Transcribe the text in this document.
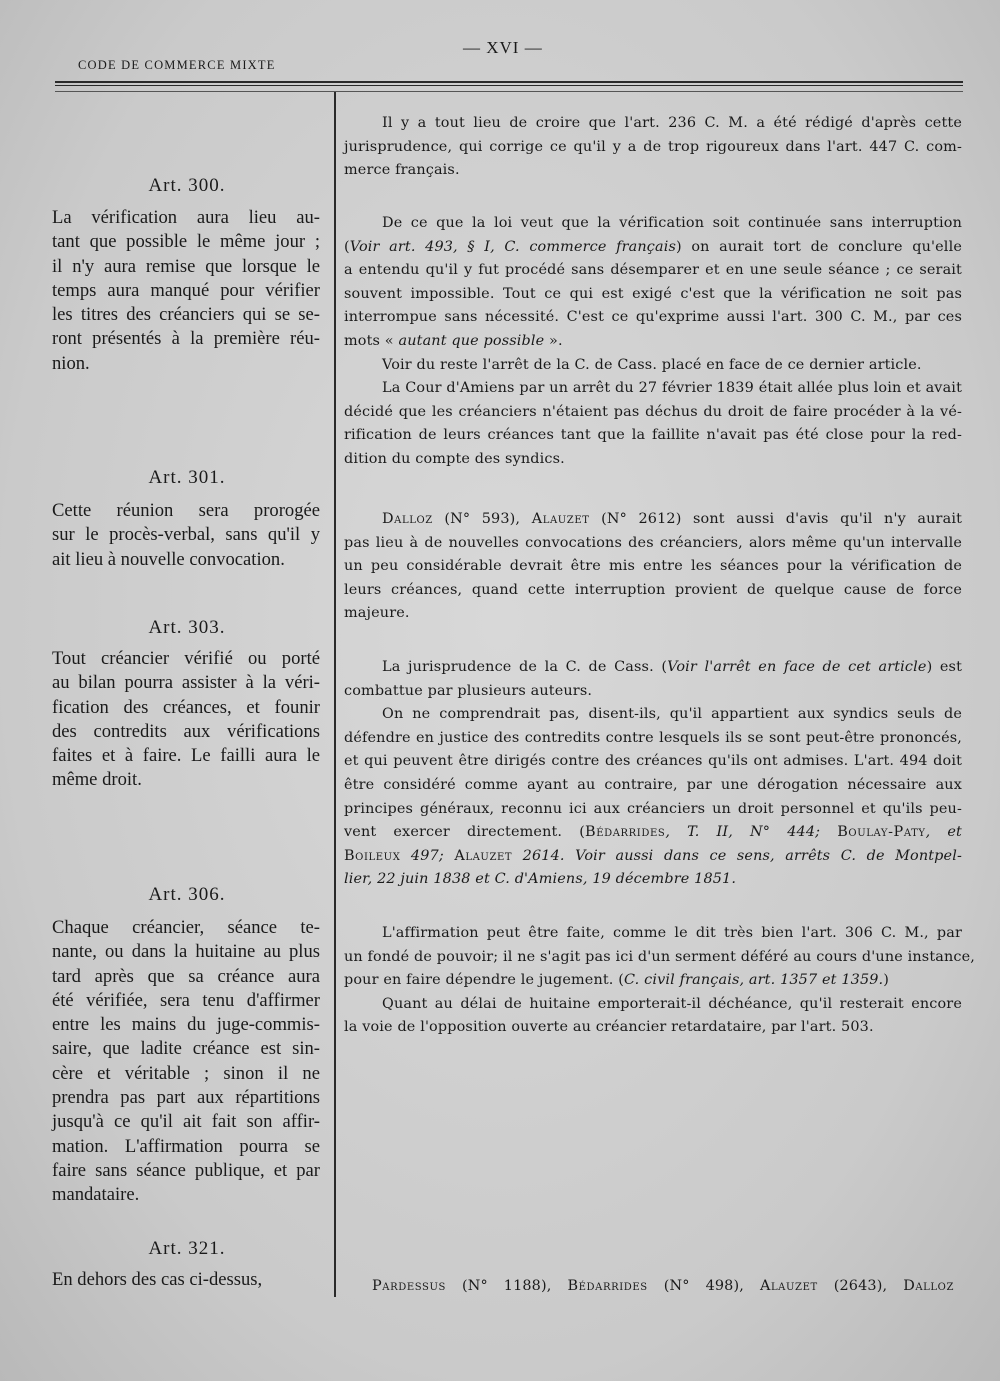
CODE DE COMMERCE MIXTE
— XVI —
Art. 300.
La vérification aura lieu au-
tant que possible le même jour ;
il n'y aura remise que lorsque le
temps aura manqué pour vérifier
les titres des créanciers qui se se-
ront présentés à la première réu-
nion.
Art. 301.
Cette réunion sera prorogée
sur le procès-verbal, sans qu'il y
ait lieu à nouvelle convocation.
Art. 303.
Tout créancier vérifié ou porté
au bilan pourra assister à la véri-
fication des créances, et founir
des contredits aux vérifications
faites et à faire. Le failli aura le
même droit.
Art. 306.
Chaque créancier, séance te-
nante, ou dans la huitaine au plus
tard après que sa créance aura
été vérifiée, sera tenu d'affirmer
entre les mains du juge-commis-
saire, que ladite créance est sin-
cère et véritable ; sinon il ne
prendra pas part aux répartitions
jusqu'à ce qu'il ait fait son affir-
mation. L'affirmation pourra se
faire sans séance publique, et par
mandataire.
Art. 321.
En dehors des cas ci-dessus,
Il y a tout lieu de croire que l'art. 236 C. M. a été rédigé d'après cette
jurisprudence, qui corrige ce qu'il y a de trop rigoureux dans l'art. 447 C. com-
merce français.
De ce que la loi veut que la vérification soit continuée sans interruption
(Voir art. 493, § I, C. commerce français) on aurait tort de conclure qu'elle
a entendu qu'il y fut procédé sans désemparer et en une seule séance ; ce serait
souvent impossible. Tout ce qui est exigé c'est que la vérification ne soit pas
interrompue sans nécessité. C'est ce qu'exprime aussi l'art. 300 C. M., par ces
mots « autant que possible ».
Voir du reste l'arrêt de la C. de Cass. placé en face de ce dernier article.
La Cour d'Amiens par un arrêt du 27 février 1839 était allée plus loin et avait
décidé que les créanciers n'étaient pas déchus du droit de faire procéder à la vé-
rification de leurs créances tant que la faillite n'avait pas été close pour la red-
dition du compte des syndics.
Dalloz (N° 593), Alauzet (N° 2612) sont aussi d'avis qu'il n'y aurait
pas lieu à de nouvelles convocations des créanciers, alors même qu'un intervalle
un peu considérable devrait être mis entre les séances pour la vérification de
leurs créances, quand cette interruption provient de quelque cause de force
majeure.
La jurisprudence de la C. de Cass. (Voir l'arrêt en face de cet article) est
combattue par plusieurs auteurs.
On ne comprendrait pas, disent-ils, qu'il appartient aux syndics seuls de
défendre en justice des contredits contre lesquels ils se sont peut-être prononcés,
et qui peuvent être dirigés contre des créances qu'ils ont admises. L'art. 494 doit
être considéré comme ayant au contraire, par une dérogation nécessaire aux
principes généraux, reconnu ici aux créanciers un droit personnel et qu'ils peu-
vent exercer directement. (Bédarrides, T. II, N° 444; Boulay-Paty, et
Boileux 497; Alauzet 2614. Voir aussi dans ce sens, arrêts C. de Montpel-
lier, 22 juin 1838 et C. d'Amiens, 19 décembre 1851.
L'affirmation peut être faite, comme le dit très bien l'art. 306 C. M., par
un fondé de pouvoir; il ne s'agit pas ici d'un serment déféré au cours d'une instance,
pour en faire dépendre le jugement. (C. civil français, art. 1357 et 1359.)
Quant au délai de huitaine emporterait-il déchéance, qu'il resterait encore
la voie de l'opposition ouverte au créancier retardataire, par l'art. 503.
Pardessus (N° 1188), Bédarrides (N° 498), Alauzet (2643), Dalloz
